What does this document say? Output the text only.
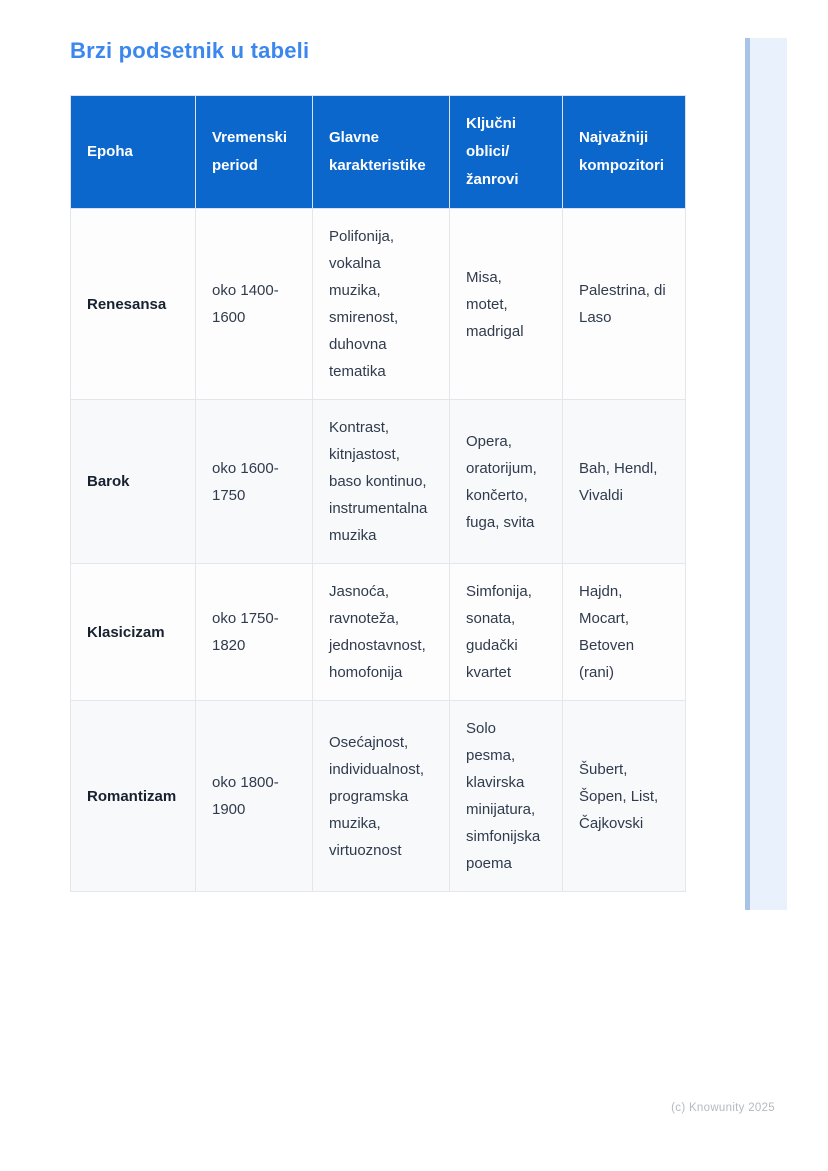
Brzi podsetnik u tabeli
Epoha	Vremenski period	Glavne karakteristike	Ključni oblici/žanrovi	Najvažniji kompozitori
Renesansa	oko 1400-1600	Polifonija, vokalna muzika, smirenost, duhovna tematika	Misa, motet, madrigal	Palestrina, di Laso
Barok	oko 1600-1750	Kontrast, kitnjastost, baso kontinuo, instrumentalna muzika	Opera, oratorijum, končerto, fuga, svita	Bah, Hendl, Vivaldi
Klasicizam	oko 1750-1820	Jasnoća, ravnoteža, jednostavnost, homofonija	Simfonija, sonata, gudački kvartet	Hajdn, Mocart, Betoven (rani)
Romantizam	oko 1800-1900	Osećajnost, individualnost, programska muzika, virtuoznost	Solo pesma, klavirska minijatura, simfonijska poema	Šubert, Šopen, List, Čajkovski
(c) Knowunity 2025
